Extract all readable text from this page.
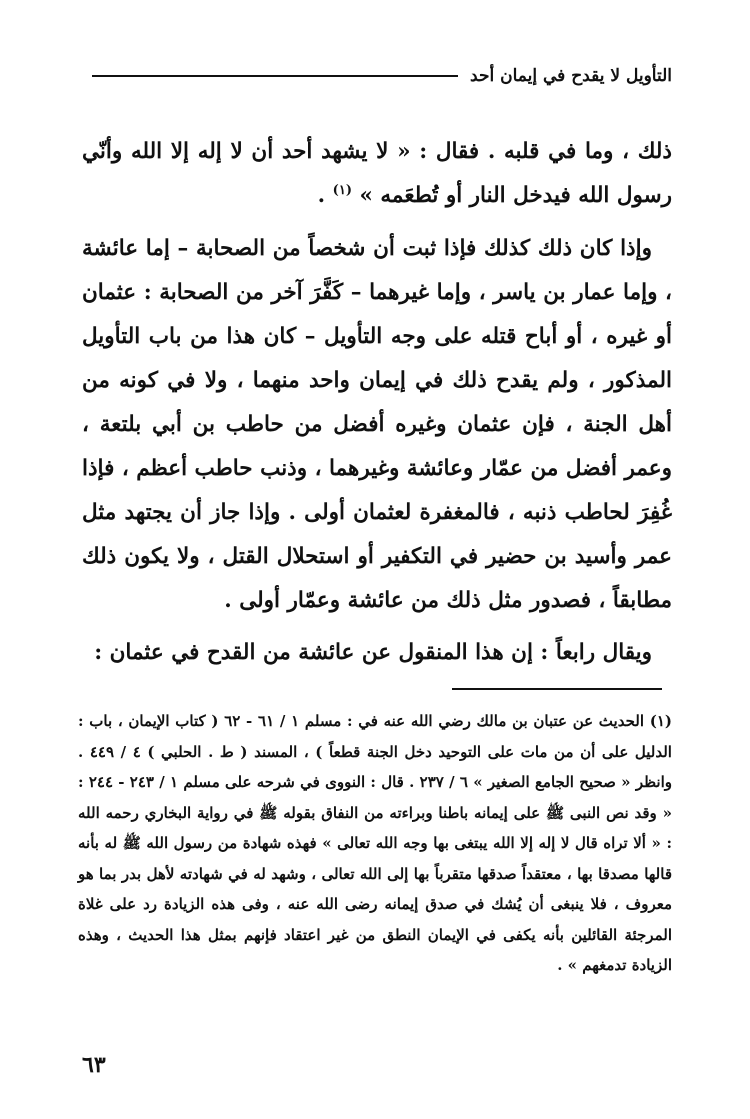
التأويل لا يقدح في إيمان أحد

ذلك ، وما في قلبه . فقال : « لا يشهد أحد أن لا إله إلا الله وأنّي رسول الله فيدخل النار أو تُطعَمه » $^{(١)}$ .

وإذا كان ذلك كذلك فإذا ثبت أن شخصاً من الصحابة – إما عائشة ، وإما عمار بن ياسر ، وإما غيرهما – كَفَّرَ آخر من الصحابة : عثمان أو غيره ، أو أباح قتله على وجه التأويل – كان هذا من باب التأويل المذكور ، ولم يقدح ذلك في إيمان واحد منهما ، ولا في كونه من أهل الجنة ، فإن عثمان وغيره أفضل من حاطب بن أبي بلتعة ، وعمر أفضل من عمّار وعائشة وغيرهما ، وذنب حاطب أعظم ، فإذا غُفِرَ لحاطب ذنبه ، فالمغفرة لعثمان أولى . وإذا جاز أن يجتهد مثل عمر وأسيد بن حضير في التكفير أو استحلال القتل ، ولا يكون ذلك مطابقاً ، فصدور مثل ذلك من عائشة وعمّار أولى .

ويقال رابعاً : إن هذا المنقول عن عائشة من القدح في عثمان :

(١) الحديث عن عتبان بن مالك رضي الله عنه في : مسلم ١ / ٦١ - ٦٢ ( كتاب الإيمان ، باب : الدليل على أن من مات على التوحيد دخل الجنة قطعاً ) ، المسند ( ط . الحلبي ) ٤ / ٤٤٩ . وانظر « صحيح الجامع الصغير » ٦ / ٢٣٧ . قال : النووى في شرحه على مسلم ١ / ٢٤٣ - ٢٤٤ : « وقد نص النبى ﷺ على إيمانه باطنا وبراءته من النفاق بقوله ﷺ في رواية البخاري رحمه الله : « ألا تراه قال لا إله إلا الله يبتغى بها وجه الله تعالى » فهذه شهادة من رسول الله ﷺ له بأنه قالها مصدقا بها ، معتقداً صدقها متقرباً بها إلى الله تعالى ، وشهد له في شهادته لأهل بدر بما هو معروف ، فلا ينبغى أن يُشك في صدق إيمانه رضى الله عنه ، وفى هذه الزيادة رد على غلاة المرجئة القائلين بأنه يكفى في الإيمان النطق من غير اعتقاد فإنهم بمثل هذا الحديث ، وهذه الزيادة تدمغهم » .

٦٣
